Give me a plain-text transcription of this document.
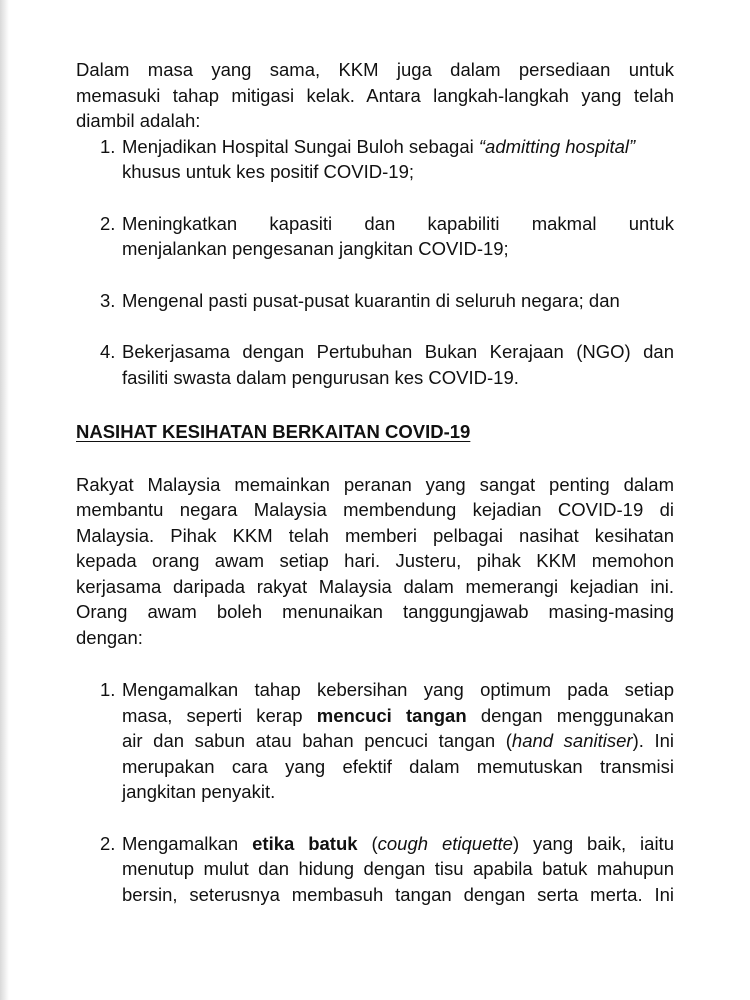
Dalam masa yang sama, KKM juga dalam persediaan untuk

memasuki tahap mitigasi kelak. Antara langkah-langkah yang telah

diambil adalah:

1. Menjadikan Hospital Sungai Buloh sebagai “admitting hospital”

khusus untuk kes positif COVID-19;

2. Meningkatkan kapasiti dan kapabiliti makmal untuk

menjalankan pengesanan jangkitan COVID-19;

3. Mengenal pasti pusat-pusat kuarantin di seluruh negara; dan

4. Bekerjasama dengan Pertubuhan Bukan Kerajaan (NGO) dan

fasiliti swasta dalam pengurusan kes COVID-19.

NASIHAT KESIHATAN BERKAITAN COVID-19

Rakyat Malaysia memainkan peranan yang sangat penting dalam

membantu negara Malaysia membendung kejadian COVID-19 di

Malaysia. Pihak KKM telah memberi pelbagai nasihat kesihatan

kepada orang awam setiap hari. Justeru, pihak KKM memohon

kerjasama daripada rakyat Malaysia dalam memerangi kejadian ini.

Orang awam boleh menunaikan tanggungjawab masing-masing

dengan:

1. Mengamalkan tahap kebersihan yang optimum pada setiap

masa, seperti kerap mencuci tangan dengan menggunakan

air dan sabun atau bahan pencuci tangan (hand sanitiser). Ini

merupakan cara yang efektif dalam memutuskan transmisi

jangkitan penyakit.

2. Mengamalkan etika batuk (cough etiquette) yang baik, iaitu

menutup mulut dan hidung dengan tisu apabila batuk mahupun

bersin, seterusnya membasuh tangan dengan serta merta. Ini
